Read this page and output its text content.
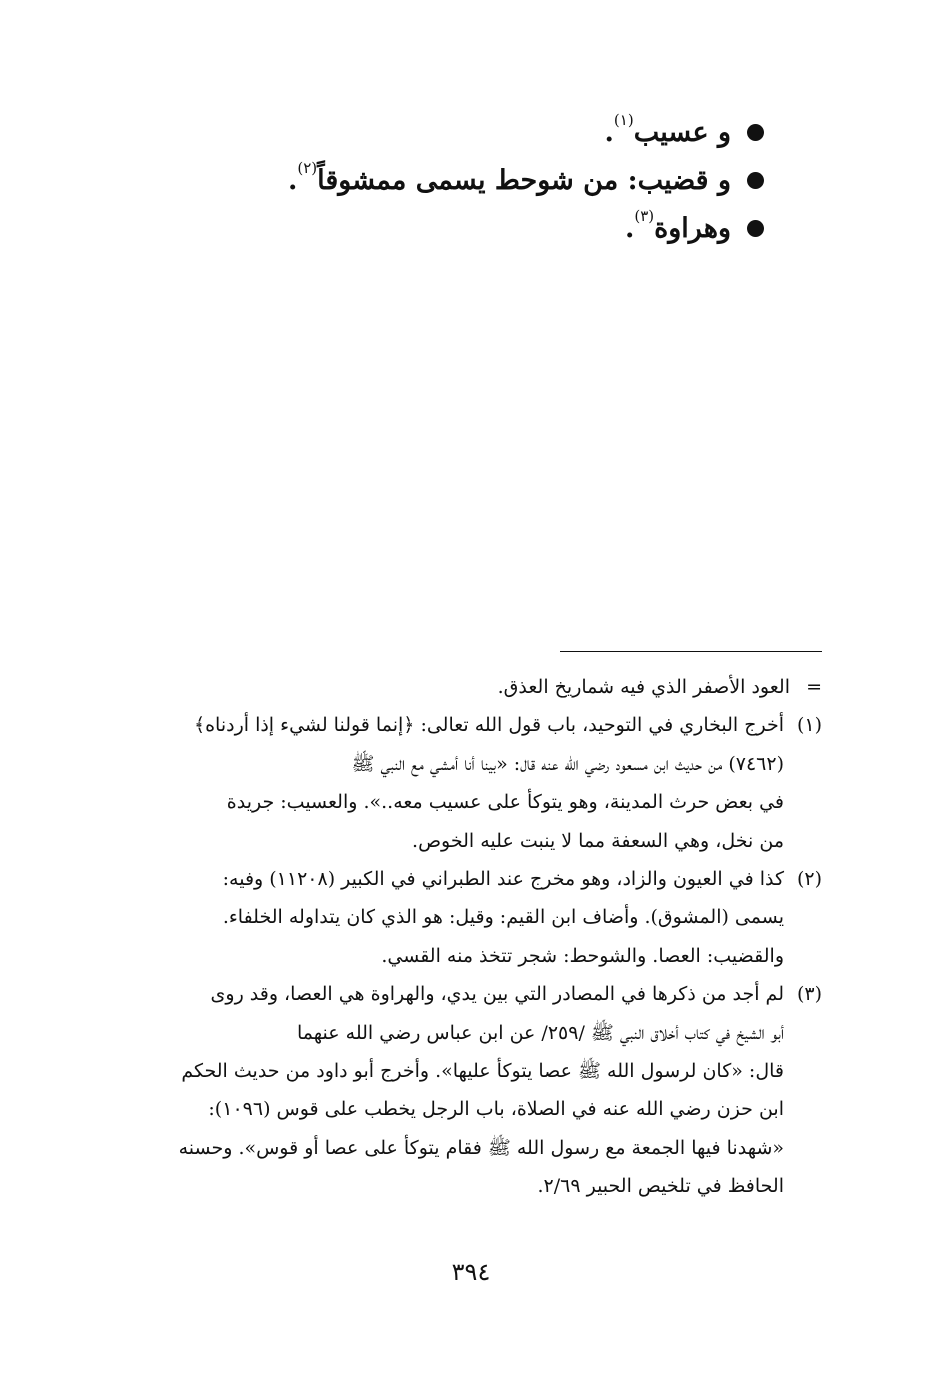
و عسيب
(١)
.
و قضيب: من شوحط يسمى ممشوقاً
(٢)
.
وهراوة
(٣)
.
=
العود الأصفر الذي فيه شماريخ العذق.
(١)

أخرج البخاري في التوحيد، باب قول الله تعالى: ﴿إنما قولنا لشيء إذا أردناه﴾

(٧٤٦٢) من حديث ابن مسعود رضي الله عنه قال: «بينا أنا أمشي مع النبي ﷺ

في بعض حرث المدينة، وهو يتوكأ على عسيب معه..». والعسيب: جريدة

من نخل، وهي السعفة مما لا ينبت عليه الخوص.

(٢)

كذا في العيون والزاد، وهو مخرج عند الطبراني في الكبير (١١٢٠٨) وفيه:

يسمى (المشوق). وأضاف ابن القيم: وقيل: هو الذي كان يتداوله الخلفاء.

والقضيب: العصا. والشوحط: شجر تتخذ منه القسي.

(٣)

لم أجد من ذكرها في المصادر التي بين يدي، والهراوة هي العصا، وقد روى

أبو الشيخ في كتاب أخلاق النبي ﷺ /٢٥٩/ عن ابن عباس رضي الله عنهما

قال: «كان لرسول الله ﷺ عصا يتوكأ عليها». وأخرج أبو داود من حديث الحكم

ابن حزن رضي الله عنه في الصلاة، باب الرجل يخطب على قوس (١٠٩٦):

«شهدنا فيها الجمعة مع رسول الله ﷺ فقام يتوكأ على عصا أو قوس». وحسنه

الحافظ في تلخيص الحبير ٢/٦٩.

٣٩٤
